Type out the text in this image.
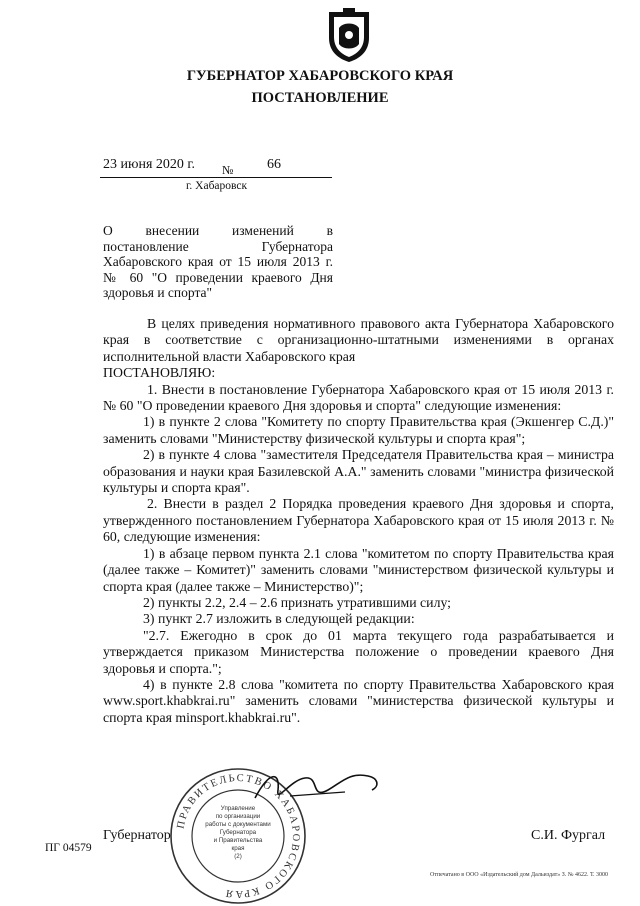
ГУБЕРНАТОР ХАБАРОВСКОГО КРАЯ
ПОСТАНОВЛЕНИЕ
23 июня 2020 г. № 66
г. Хабаровск
О внесении изменений в постановление Губернатора Хабаровского края от 15 июля 2013 г. № 60 "О проведении краевого Дня здоровья и спорта"

В целях приведения нормативного правового акта Губернатора Хабаровского края в соответствие с организационно-штатными изменениями в органах исполнительной власти Хабаровского края

ПОСТАНОВЛЯЮ:

1. Внести в постановление Губернатора Хабаровского края от 15 июля 2013 г. № 60 "О проведении краевого Дня здоровья и спорта" следующие изменения:

1) в пункте 2 слова "Комитету по спорту Правительства края (Экшенгер С.Д.)" заменить словами "Министерству физической культуры и спорта края";

2) в пункте 4 слова "заместителя Председателя Правительства края – министра образования и науки края Базилевской А.А." заменить словами "министра физической культуры и спорта края".

2. Внести в раздел 2 Порядка проведения краевого Дня здоровья и спорта, утвержденного постановлением Губернатора Хабаровского края от 15 июля 2013 г. № 60, следующие изменения:

1) в абзаце первом пункта 2.1 слова "комитетом по спорту Правительства края (далее также – Комитет)" заменить словами "министерством физической культуры и спорта края (далее также – Министерство)";

2) пункты 2.2, 2.4 – 2.6 признать утратившими силу;

3) пункт 2.7 изложить в следующей редакции:

"2.7. Ежегодно в срок до 01 марта текущего года разрабатывается и утверждается приказом Министерства положение о проведении краевого Дня здоровья и спорта.";

4) в пункте 2.8 слова "комитета по спорту Правительства Хабаровского края www.sport.khabkrai.ru" заменить словами "министерства физической культуры и спорта края minsport.khabkrai.ru".

Губернатор	С.И. Фургал
ПГ 04579
ПРАВИТЕЛЬСТВО ХАБАРОВСКОГО КРАЯ
Управление
по организации
работы с документами
Губернатора
и Правительства
края
(2)
Отпечатано в ООО «Издательский дом Дальиздат» З. № 4622. Т. 3000
